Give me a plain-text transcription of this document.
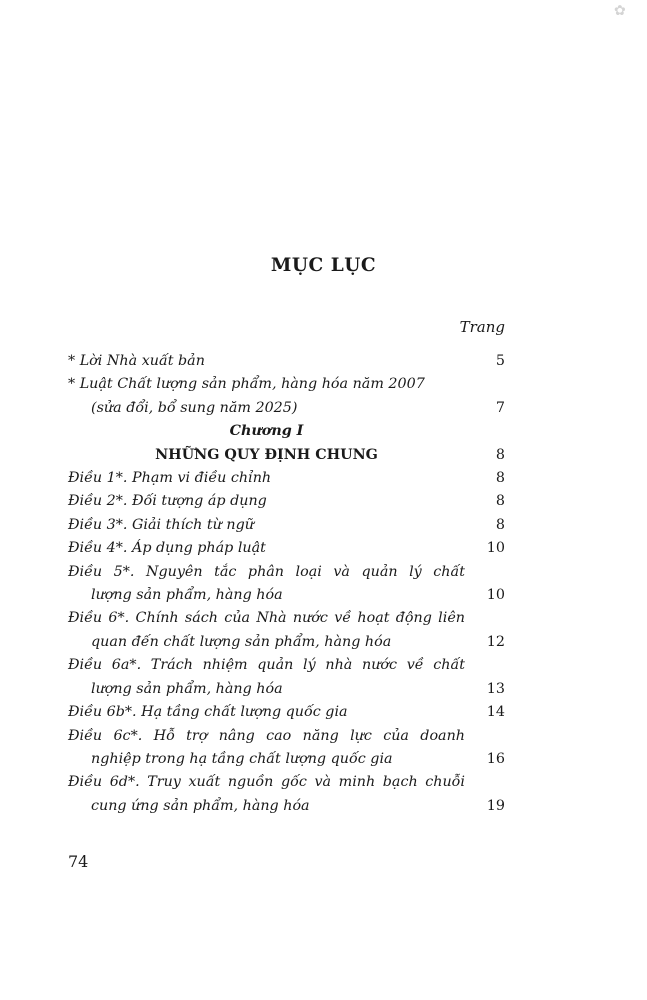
✿
MỤC LỤC
Trang
* Lời Nhà xuất bản	5
* Luật Chất lượng sản phẩm, hàng hóa năm 2007
(sửa đổi, bổ sung năm 2025)	7
Chương I
NHỮNG QUY ĐỊNH CHUNG	8
Điều 1*. Phạm vi điều chỉnh	8
Điều 2*. Đối tượng áp dụng	8
Điều 3*. Giải thích từ ngữ	8
Điều 4*. Áp dụng pháp luật	10
Điều 5*. Nguyên tắc phân loại và quản lý chất
lượng sản phẩm, hàng hóa	10
Điều 6*. Chính sách của Nhà nước về hoạt động liên
quan đến chất lượng sản phẩm, hàng hóa	12
Điều 6a*. Trách nhiệm quản lý nhà nước về chất
lượng sản phẩm, hàng hóa	13
Điều 6b*. Hạ tầng chất lượng quốc gia	14
Điều 6c*. Hỗ trợ nâng cao năng lực của doanh
nghiệp trong hạ tầng chất lượng quốc gia	16
Điều 6d*. Truy xuất nguồn gốc và minh bạch chuỗi
cung ứng sản phẩm, hàng hóa	19
74
